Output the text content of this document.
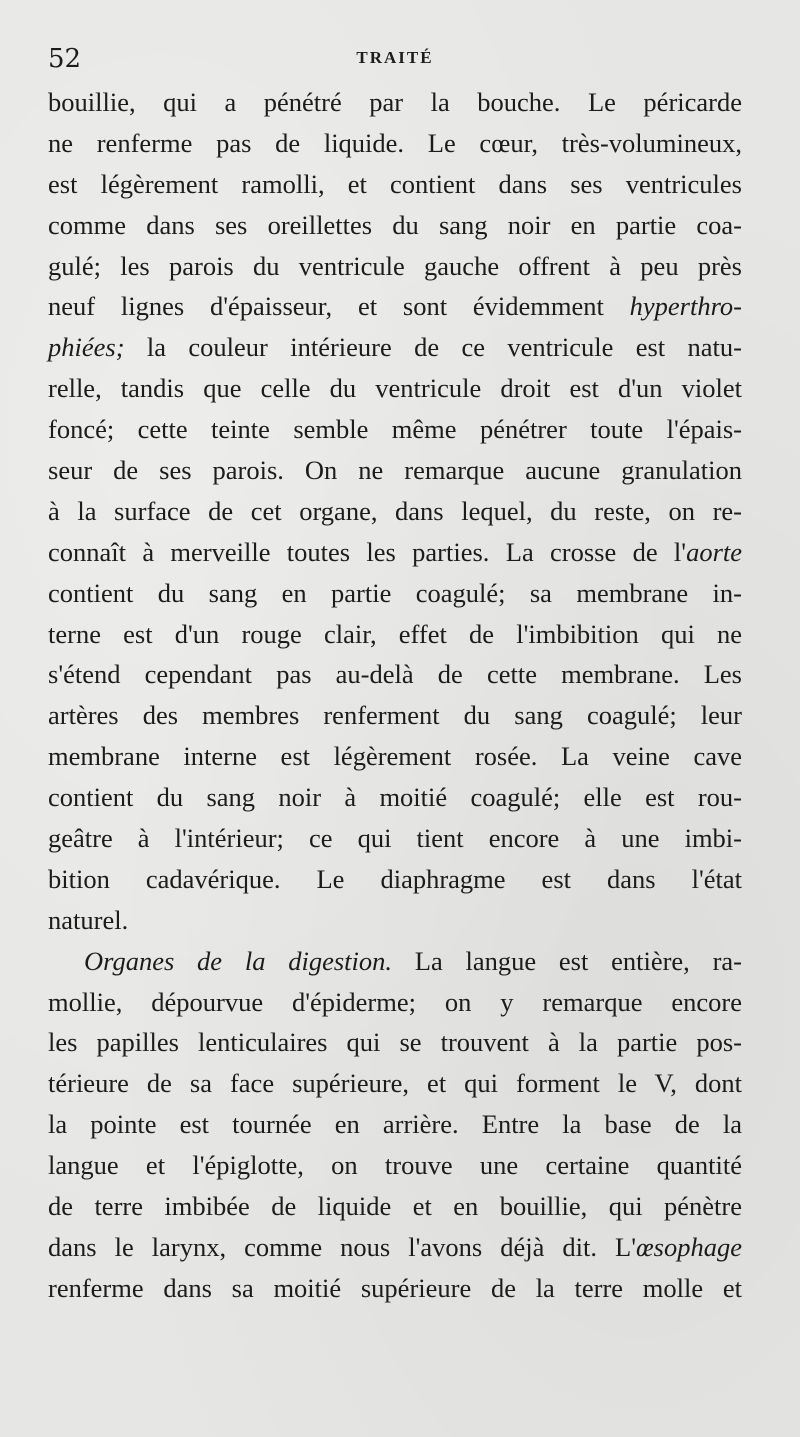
52	TRAITÉ
bouillie, qui a pénétré par la bouche. Le péricarde
ne renferme pas de liquide. Le cœur, très-volumineux,
est légèrement ramolli, et contient dans ses ventricules
comme dans ses oreillettes du sang noir en partie coa-
gulé; les parois du ventricule gauche offrent à peu près
neuf lignes d'épaisseur, et sont évidemment hyperthro-
phiées; la couleur intérieure de ce ventricule est natu-
relle, tandis que celle du ventricule droit est d'un violet
foncé; cette teinte semble même pénétrer toute l'épais-
seur de ses parois. On ne remarque aucune granulation
à la surface de cet organe, dans lequel, du reste, on re-
connaît à merveille toutes les parties. La crosse de l'aorte
contient du sang en partie coagulé; sa membrane in-
terne est d'un rouge clair, effet de l'imbibition qui ne
s'étend cependant pas au-delà de cette membrane. Les
artères des membres renferment du sang coagulé; leur
membrane interne est légèrement rosée. La veine cave
contient du sang noir à moitié coagulé; elle est rou-
geâtre à l'intérieur; ce qui tient encore à une imbi-
bition cadavérique. Le diaphragme est dans l'état
naturel.
Organes de la digestion. La langue est entière, ra-
mollie, dépourvue d'épiderme; on y remarque encore
les papilles lenticulaires qui se trouvent à la partie pos-
térieure de sa face supérieure, et qui forment le V, dont
la pointe est tournée en arrière. Entre la base de la
langue et l'épiglotte, on trouve une certaine quantité
de terre imbibée de liquide et en bouillie, qui pénètre
dans le larynx, comme nous l'avons déjà dit. L'œsophage
renferme dans sa moitié supérieure de la terre molle et
